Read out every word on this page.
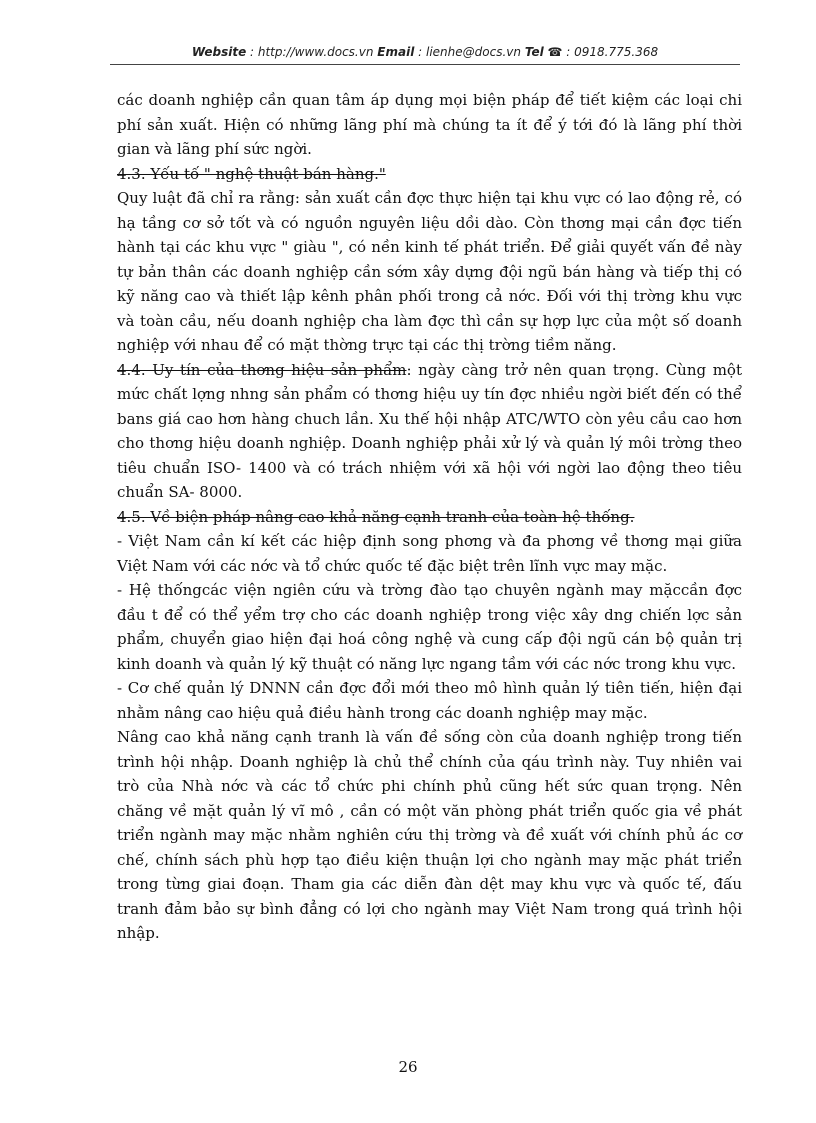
Website : http://www.docs.vn Email : lienhe@docs.vn Tel ☎ : 0918.775.368

các doanh nghiệp cần quan tâm áp dụng mọi biện pháp để tiết kiệm các loại chi phí sản xuất. Hiện có những lãng phí mà chúng ta ít để ý tới đó là lãng phí thời gian và lãng phí sức ngời.

4.3. Yếu tố " nghệ thuật bán hàng."

Quy luật đã chỉ ra rằng: sản xuất cần đợc thực hiện tại khu vực có lao động rẻ, có hạ tầng cơ sở tốt và có nguồn nguyên liệu dồi dào. Còn thơng mại cần đợc tiến hành tại các khu vực " giàu ", có nền kinh tế phát triển. Để giải quyết vấn đề này tự bản thân các doanh nghiệp cần sớm xây dựng đội ngũ bán hàng và tiếp thị có kỹ năng cao và thiết lập kênh phân phối trong cả nớc. Đối với thị trờng khu vực và toàn cầu, nếu doanh nghiệp cha làm đợc thì cần sự hợp lực của một số doanh nghiệp với nhau để có mặt thờng trực tại các thị trờng tiềm năng.

4.4. Uy tín của thơng hiệu sản phẩm: ngày càng trở nên quan trọng. Cùng một mức chất lợng nhng sản phẩm có thơng hiệu uy tín đợc nhiều ngời biết đến có thể bans giá cao hơn hàng chuch lần. Xu thế hội nhập ATC/WTO còn yêu cầu cao hơn cho thơng hiệu doanh nghiệp. Doanh nghiệp phải xử lý và quản lý môi trờng theo tiêu chuẩn ISO- 1400 và có trách nhiệm với xã hội với ngời lao động theo tiêu chuẩn SA- 8000.

4.5. Về biện pháp nâng cao khả năng cạnh tranh của toàn hệ thống.

- Việt Nam cần kí kết các hiệp định song phơng và đa phơng về thơng mại giữa Việt Nam với các nớc và tổ chức quốc tế đặc biệt trên lĩnh vực may mặc.

- Hệ thốngcác viện ngiên cứu và trờng đào tạo chuyên ngành may mặccần đợc đầu t để có thể yểm trợ cho các doanh nghiệp trong việc xây dng chiến lợc sản phẩm, chuyển giao hiện đại hoá công nghệ và cung cấp đội ngũ cán bộ quản trị kinh doanh và quản lý kỹ thuật có năng lực ngang tầm với các nớc trong khu vực.

- Cơ chế quản lý DNNN cần đợc đổi mới theo mô hình quản lý tiên tiến, hiện đại nhằm nâng cao hiệu quả điều hành trong các doanh nghiệp may mặc.

Nâng cao khả năng cạnh tranh là vấn đề sống còn của doanh nghiệp trong tiến trình hội nhập. Doanh nghiệp là chủ thể chính của qáu trình này. Tuy nhiên vai trò của Nhà nớc và các tổ chức phi chính phủ cũng hết sức quan trọng. Nên chăng về mặt quản lý vĩ mô , cần có một văn phòng phát triển quốc gia về phát triển ngành may mặc nhằm nghiên cứu thị trờng và đề xuất với chính phủ ác cơ chế, chính sách phù hợp tạo điều kiện thuận lợi cho ngành may mặc phát triển trong từng giai đoạn. Tham gia các diễn đàn dệt may khu vực và quốc tế, đấu tranh đảm bảo sự bình đẳng có lợi cho ngành may Việt Nam trong quá trình hội nhập.

26
